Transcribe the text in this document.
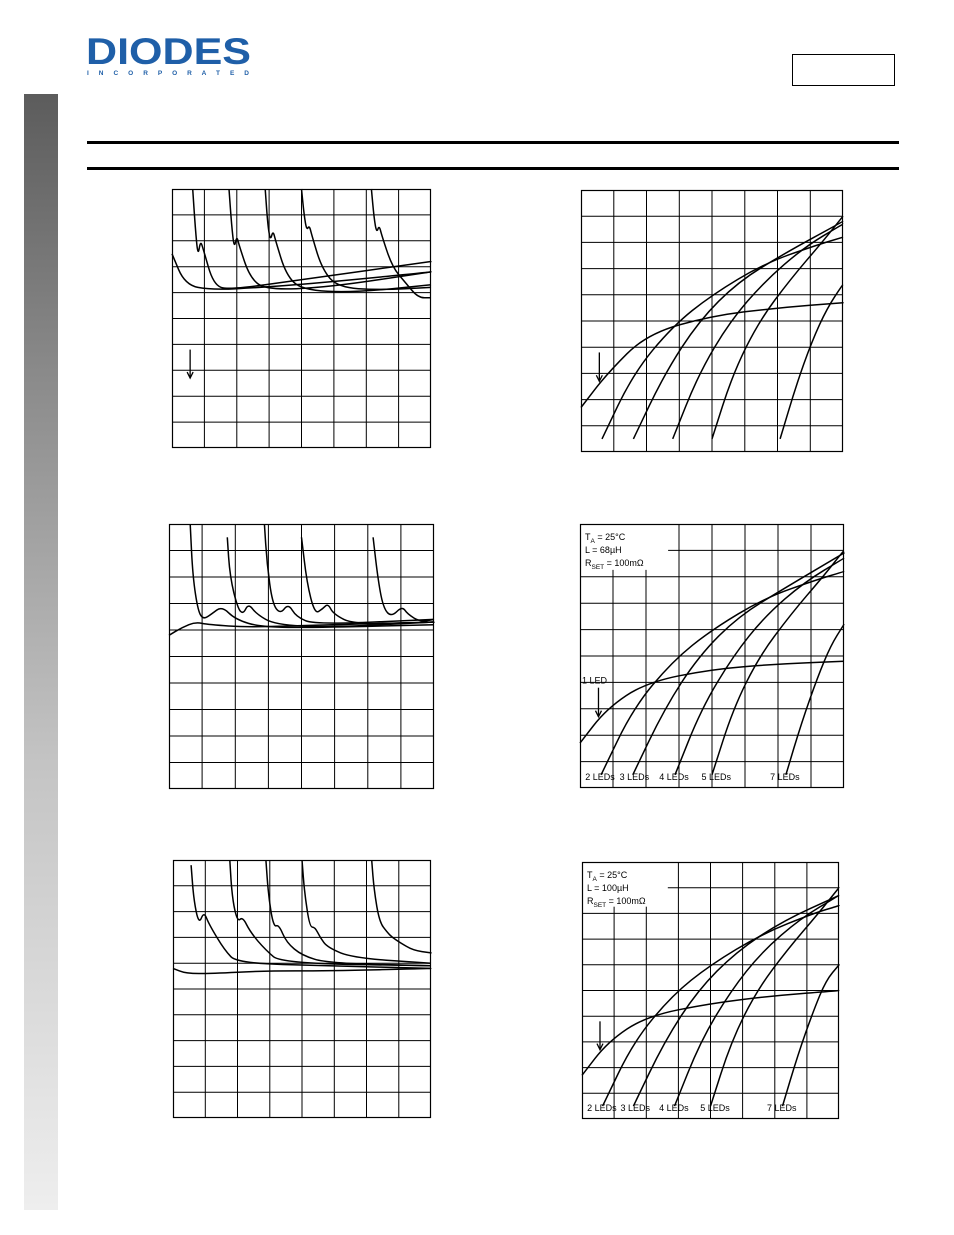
DIODES
I N C O R P O R A T E D
1 LED
$T_A = 25^\circ C$
L = 68µH
$R_{SET} = 100m\Omega$
2 LEDs 3 LEDs 4 LEDs 5 LEDs	7 LEDs
$T_A = 25^\circ C$
L = 100µH
$R_{SET} = 100m\Omega$
2 LEDs 3 LEDs 4 LEDs 5 LEDs	7 LEDs
